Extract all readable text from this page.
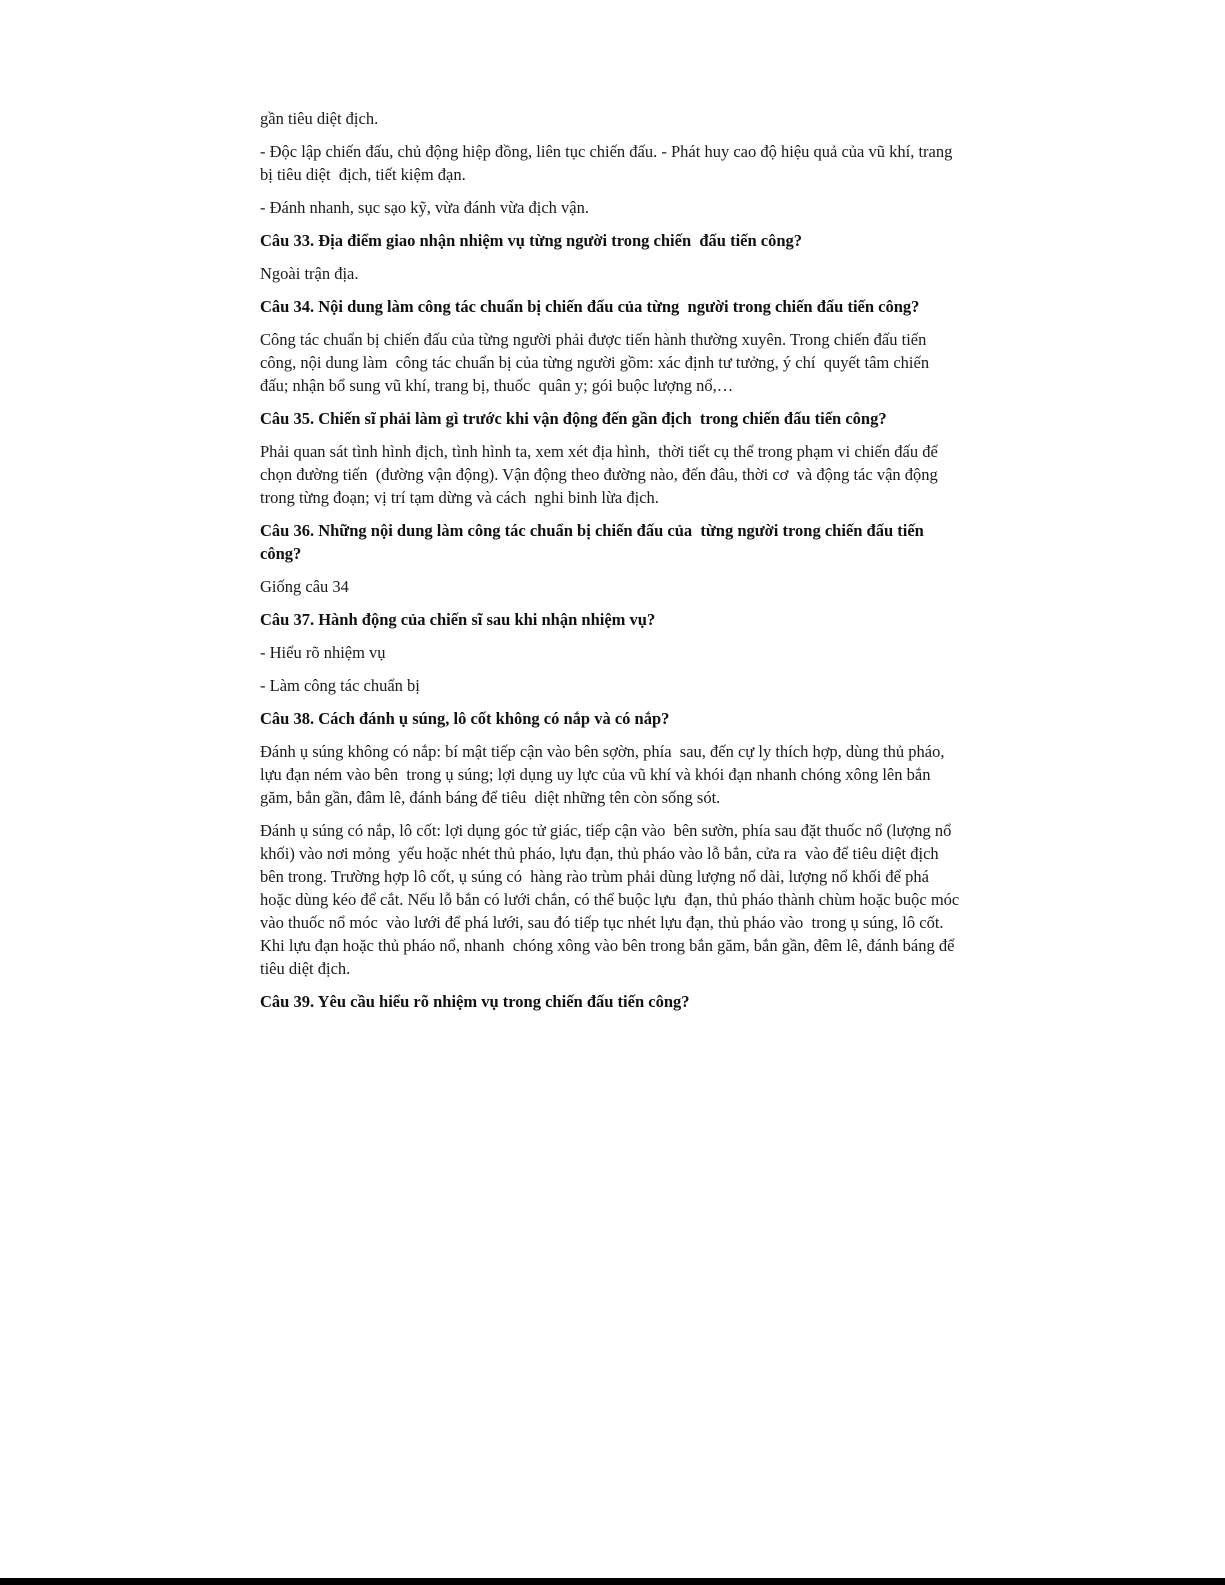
gần tiêu diệt địch.

- Độc lập chiến đấu, chủ động hiệp đồng, liên tục chiến đấu. - Phát huy cao độ hiệu quả của vũ khí, trang bị tiêu diệt  địch, tiết kiệm đạn.

- Đánh nhanh, sục sạo kỹ, vừa đánh vừa địch vận.

Câu 33. Địa điểm giao nhận nhiệm vụ từng người trong chiến  đấu tiến công?

Ngoài trận địa.

Câu 34. Nội dung làm công tác chuẩn bị chiến đấu của từng  người trong chiến đấu tiến công?

Công tác chuẩn bị chiến đấu của từng người phải được tiến hành thường xuyên. Trong chiến đấu tiến công, nội dung làm  công tác chuẩn bị của từng người gồm: xác định tư tưởng, ý chí  quyết tâm chiến đấu; nhận bổ sung vũ khí, trang bị, thuốc  quân y; gói buộc lượng nổ,…

Câu 35. Chiến sĩ phải làm gì trước khi vận động đến gần địch  trong chiến đấu tiến công?

Phải quan sát tình hình địch, tình hình ta, xem xét địa hình,  thời tiết cụ thể trong phạm vi chiến đấu để chọn đường tiến  (đường vận động). Vận động theo đường nào, đến đâu, thời cơ  và động tác vận động trong từng đoạn; vị trí tạm dừng và cách  nghi binh lừa địch.

Câu 36. Những nội dung làm công tác chuẩn bị chiến đấu của  từng người trong chiến đấu tiến công?

Giống câu 34

Câu 37. Hành động của chiến sĩ sau khi nhận nhiệm vụ?

- Hiểu rõ nhiệm vụ

- Làm công tác chuẩn bị

Câu 38. Cách đánh ụ súng, lô cốt không có nắp và có nắp?

Đánh ụ súng không có nắp: bí mật tiếp cận vào bên sợờn, phía  sau, đến cự ly thích hợp, dùng thủ pháo, lựu đạn ném vào bên  trong ụ súng; lợi dụng uy lực của vũ khí và khói đạn nhanh chóng xông lên bắn găm, bắn gần, đâm lê, đánh báng để tiêu  diệt những tên còn sống sót.

Đánh ụ súng có nắp, lô cốt: lợi dụng góc tử giác, tiếp cận vào  bên sườn, phía sau đặt thuốc nổ (lượng nổ khối) vào nơi mỏng  yếu hoặc nhét thủ pháo, lựu đạn, thủ pháo vào lỗ bắn, cửa ra  vào để tiêu diệt địch bên trong. Trường hợp lô cốt, ụ súng có  hàng rào trùm phải dùng lượng nổ dài, lượng nổ khối để phá  hoặc dùng kéo để cắt. Nếu lỗ bắn có lưới chắn, có thể buộc lựu  đạn, thủ pháo thành chùm hoặc buộc móc vào thuốc nổ móc  vào lưới để phá lưới, sau đó tiếp tục nhét lựu đạn, thủ pháo vào  trong ụ súng, lô cốt. Khi lựu đạn hoặc thủ pháo nổ, nhanh  chóng xông vào bên trong bắn găm, bắn gần, đêm lê, đánh báng để tiêu diệt địch.

Câu 39. Yêu cầu hiểu rõ nhiệm vụ trong chiến đấu tiến công?
